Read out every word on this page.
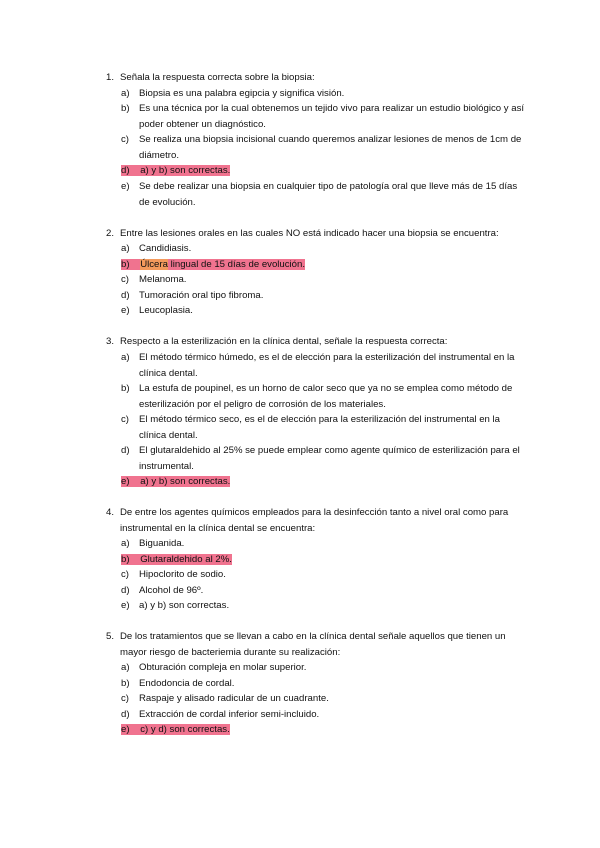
1. Señala la respuesta correcta sobre la biopsia:
a) Biopsia es una palabra egipcia y significa visión.
b) Es una técnica por la cual obtenemos un tejido vivo para realizar un estudio biológico y así poder obtener un diagnóstico.
c)	Se realiza una biopsia incisional cuando queremos analizar lesiones de menos de 1cm de diámetro.
d) a) y b) son correctas.
e) Se debe realizar una biopsia en cualquier tipo de patología oral que lleve más de 15 días de evolución.
2. Entre las lesiones orales en las cuales NO está indicado hacer una biopsia se encuentra:
a) Candidiasis.
b) Úlcera lingual de 15 días de evolución.
c)	Melanoma.
d) Tumoración oral tipo fibroma.
e) Leucoplasia.
3. Respecto a la esterilización en la clínica dental, señale la respuesta correcta:
a) El método térmico húmedo, es el de elección para la esterilización del instrumental en la clínica dental.
b) La estufa de poupinel, es un horno de calor seco que ya no se emplea como método de esterilización por el peligro de corrosión de los materiales.
c)	El método térmico seco, es el de elección para la esterilización del instrumental en la clínica dental.
d) El glutaraldehido al 25% se puede emplear como agente químico de esterilización para el instrumental.
e) a) y b) son correctas.
4. De entre los agentes químicos empleados para la desinfección tanto a nivel oral como para instrumental en la clínica dental se encuentra:
a) Biguanida.
b) Glutaraldehido al 2%.
c)	Hipoclorito de sodio.
d) Alcohol de 96º.
e) a) y b) son correctas.
5. De los tratamientos que se llevan a cabo en la clínica dental señale aquellos que tienen un mayor riesgo de bacteriemia durante su realización:
a) Obturación compleja en molar superior.
b) Endodoncia de cordal.
c)	Raspaje y alisado radicular de un cuadrante.
d) Extracción de cordal inferior semi-incluido.
e) c) y d) son correctas.
